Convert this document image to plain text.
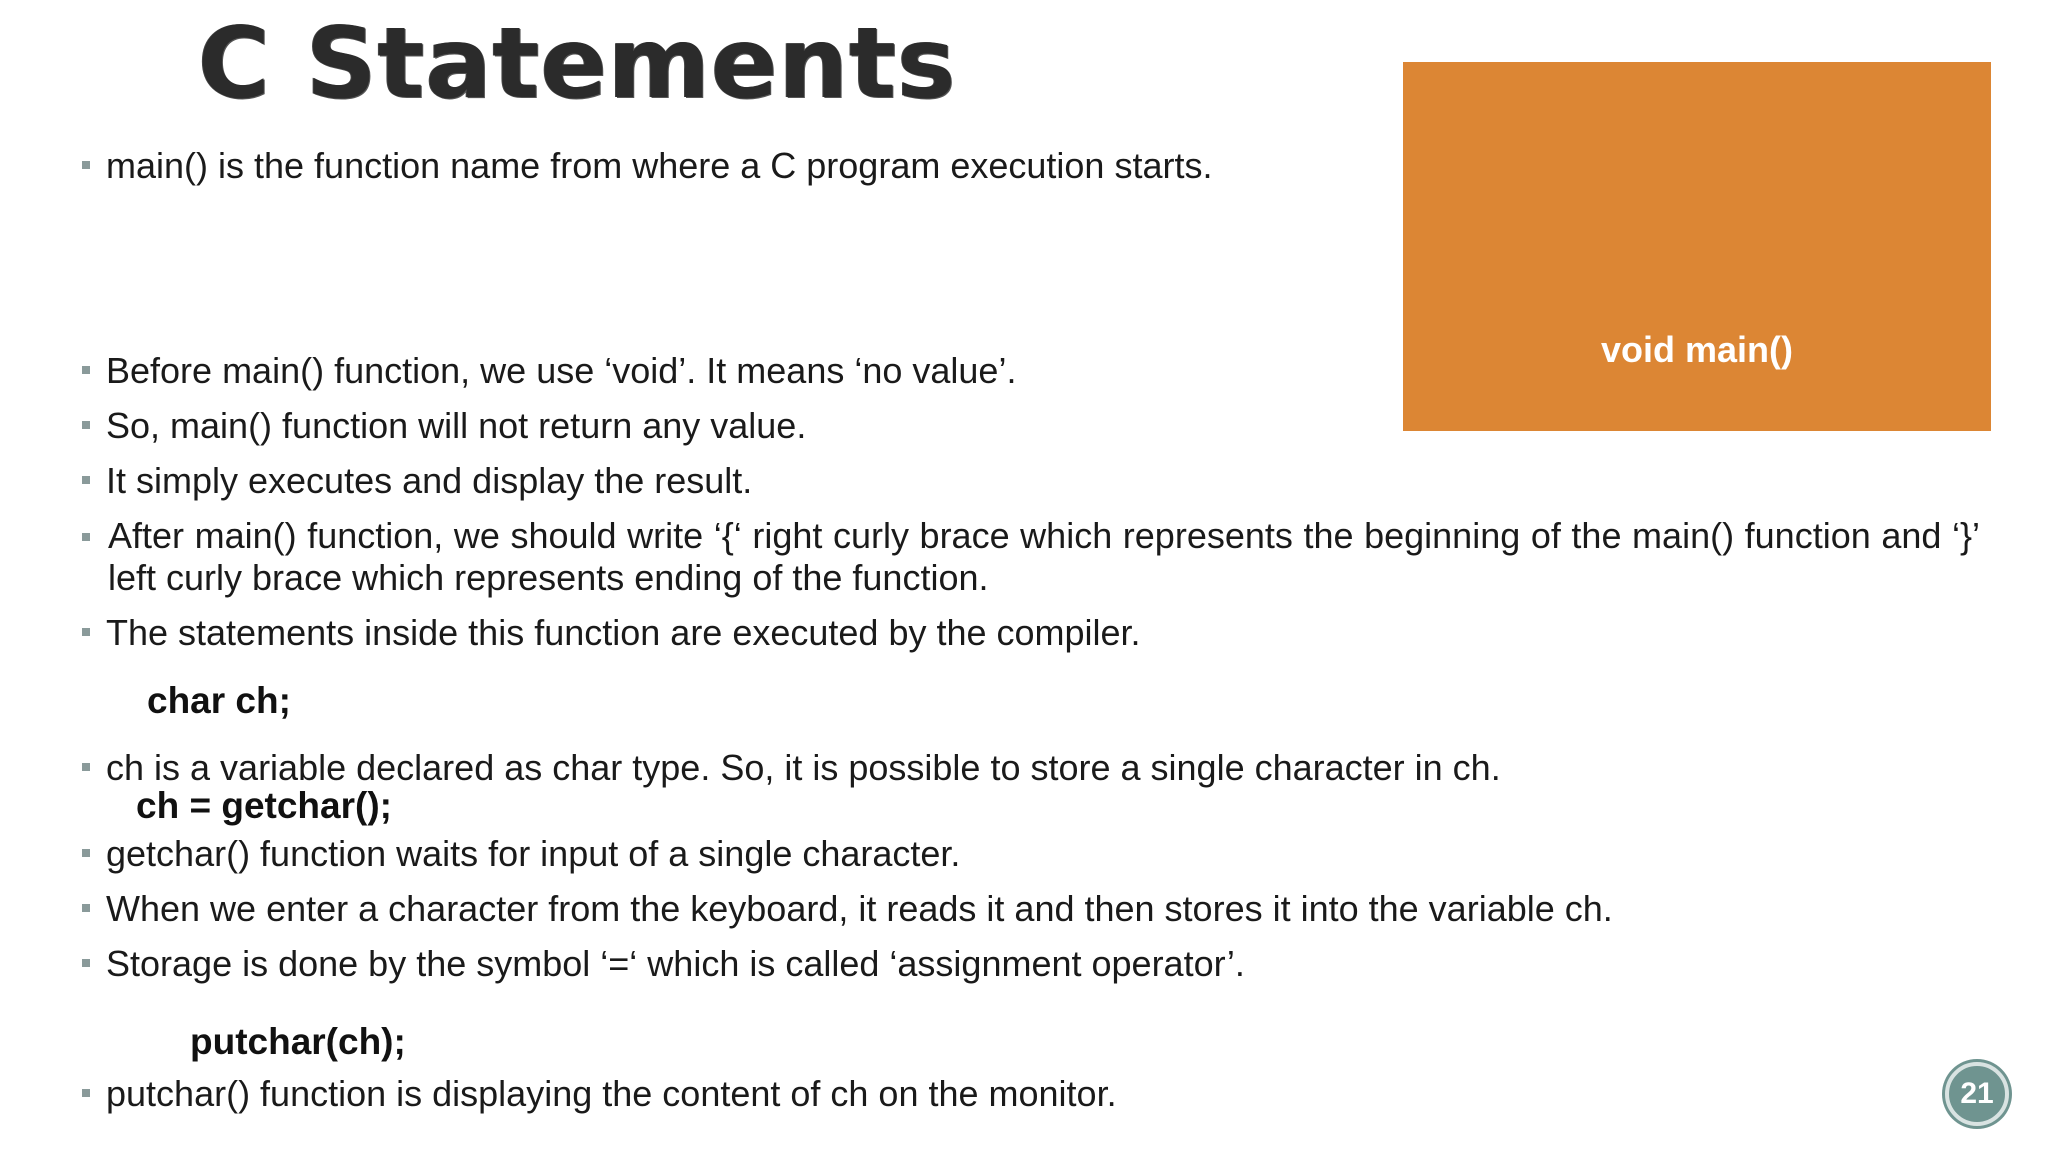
C Statements
void main()
main() is the function name from where a C program execution starts.
Before main() function, we use ‘void’. It means ‘no value’.
So, main() function will not return any value.
It simply executes and display the result.
After main() function, we should write ‘{‘ right curly brace which represents the beginning of the main() function and ‘}’ left curly brace which represents ending of the function.
The statements inside this function are executed by the compiler.
char ch;
ch is a variable declared as char type. So, it is possible to store a single character in ch.
ch = getchar();
getchar() function waits for input of a single character.
When we enter a character from the keyboard, it reads it and then stores it into the variable ch.
Storage is done by the symbol ‘=‘ which is called ‘assignment operator’.
putchar(ch);
putchar() function is displaying the content of ch on the monitor.	21
